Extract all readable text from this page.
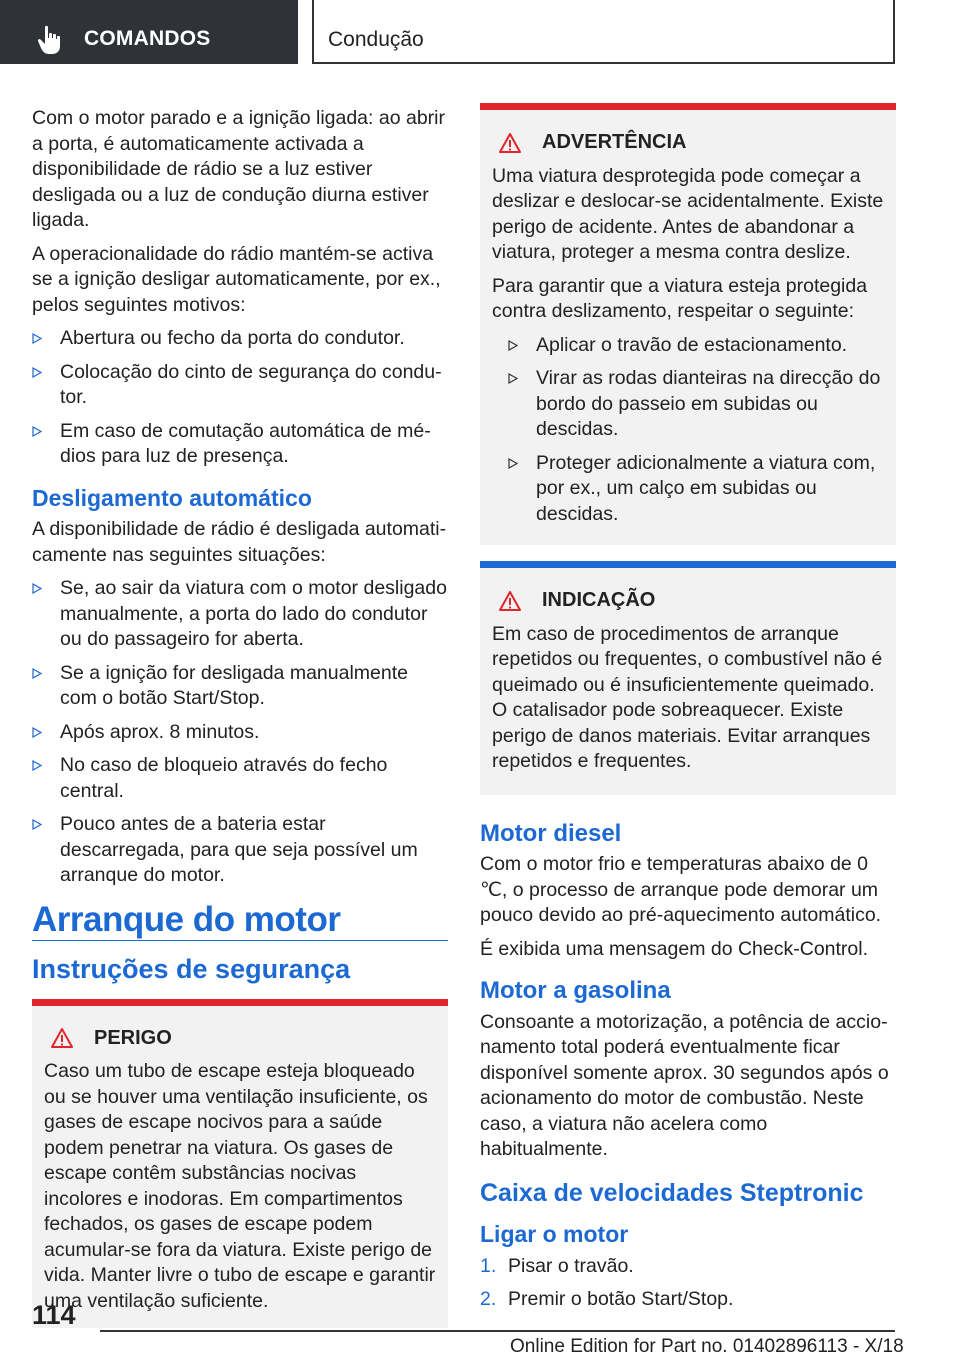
COMANDOS	Condução

Com o motor parado e a ignição ligada: ao abrir a porta, é automaticamente activada a disponibilidade de rádio se a luz estiver desligada ou a luz de condução diurna estiver ligada.

A operacionalidade do rádio mantém-se activa se a ignição desligar automaticamente, por ex., pelos seguintes motivos:

Abertura ou fecho da porta do condutor.
Colocação do cinto de segurança do condutor.
Em caso de comutação automática de médios para luz de presença.
Desligamento automático

A disponibilidade de rádio é desligada automaticamente nas seguintes situações:

Se, ao sair da viatura com o motor desligado manualmente, a porta do lado do condutor ou do passageiro for aberta.
Se a ignição for desligada manualmente com o botão Start/Stop.
Após aprox. 8 minutos.
No caso de bloqueio através do fecho central.
Pouco antes de a bateria estar descarregada, para que seja possível um arranque do motor.
Arranque do motor
Instruções de segurança
PERIGO

Caso um tubo de escape esteja bloqueado ou se houver uma ventilação insuficiente, os gases de escape nocivos para a saúde podem penetrar na viatura. Os gases de escape contêm substâncias nocivas incolores e inodoras. Em compartimentos fechados, os gases de escape podem acumular-se fora da viatura. Existe perigo de vida. Manter livre o tubo de escape e garantir uma ventilação suficiente.

ADVERTÊNCIA

Uma viatura desprotegida pode começar a deslizar e deslocar-se acidentalmente. Existe perigo de acidente. Antes de abandonar a viatura, proteger a mesma contra deslize.

Para garantir que a viatura esteja protegida contra deslizamento, respeitar o seguinte:

Aplicar o travão de estacionamento.
Virar as rodas dianteiras na direcção do bordo do passeio em subidas ou descidas.
Proteger adicionalmente a viatura com, por ex., um calço em subidas ou descidas.
INDICAÇÃO

Em caso de procedimentos de arranque repetidos ou frequentes, o combustível não é queimado ou é insuficientemente queimado. O catalisador pode sobreaquecer. Existe perigo de danos materiais. Evitar arranques repetidos e frequentes.

Motor diesel

Com o motor frio e temperaturas abaixo de 0 ℃, o processo de arranque pode demorar um pouco devido ao pré-aquecimento automático.

É exibida uma mensagem do Check-Control.

Motor a gasolina

Consoante a motorização, a potência de accionamento total poderá eventualmente ficar disponível somente aprox. 30 segundos após o acionamento do motor de combustão. Neste caso, a viatura não acelera como habitualmente.

Caixa de velocidades Steptronic
Ligar o motor
1. Pisar o travão.
2. Premir o botão Start/Stop.
114
Online Edition for Part no. 01402896113 - X/18
